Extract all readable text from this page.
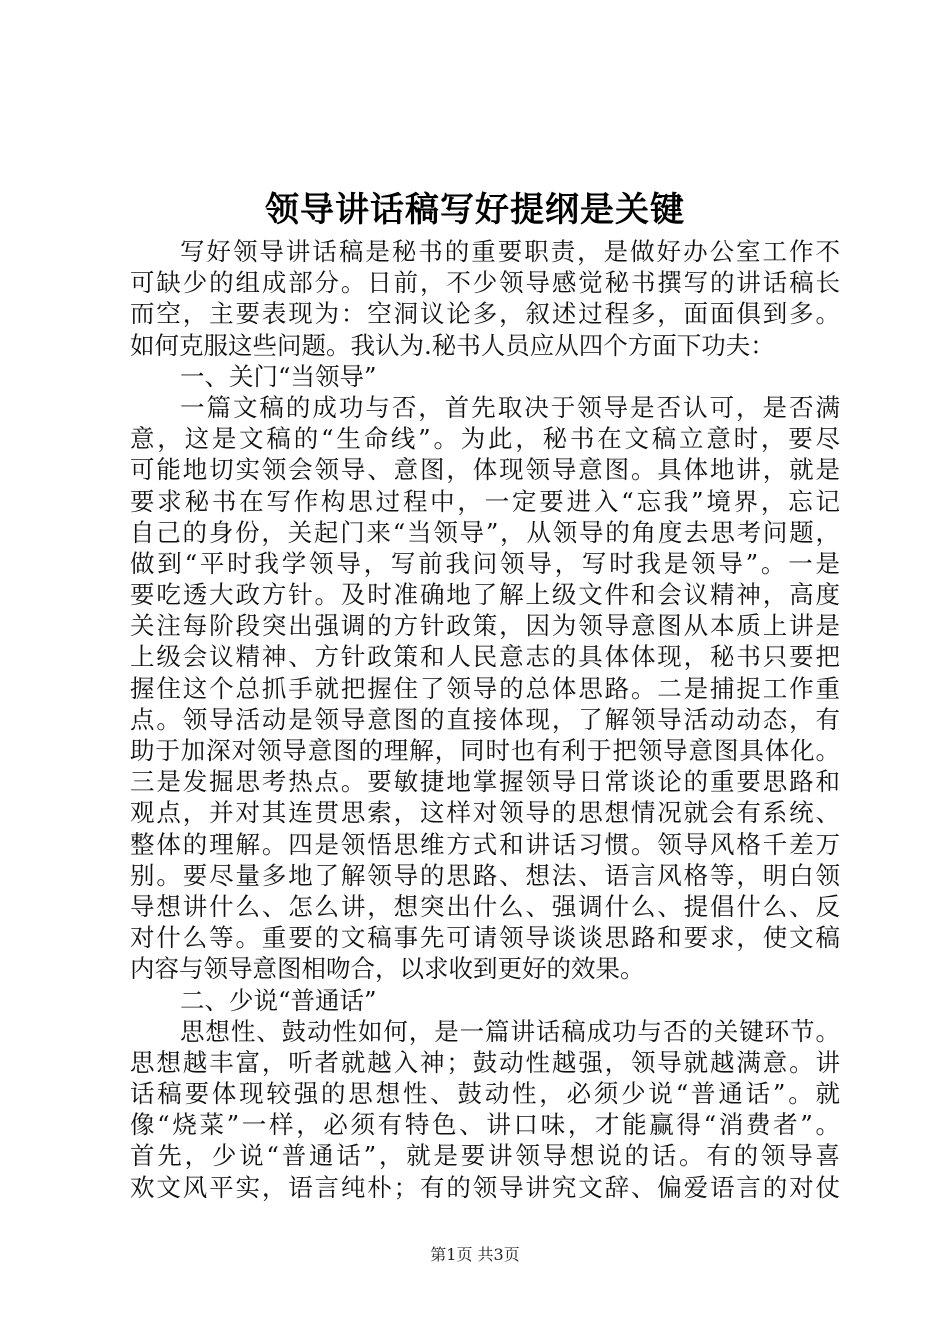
领导讲话稿写好提纲是关键
写好领导讲话稿是秘书的重要职责，是做好办公室工作不
可缺少的组成部分。日前，不少领导感觉秘书撰写的讲话稿长
而空，主要表现为：空洞议论多，叙述过程多，面面俱到多。
如何克服这些问题。我认为.秘书人员应从四个方面下功夫：
一、关门“当领导”
一篇文稿的成功与否，首先取决于领导是否认可，是否满
意，这是文稿的“生命线”。为此，秘书在文稿立意时，要尽
可能地切实领会领导、意图，体现领导意图。具体地讲，就是
要求秘书在写作构思过程中，一定要进入“忘我”境界，忘记
自己的身份，关起门来“当领导”，从领导的角度去思考问题，
做到“平时我学领导，写前我问领导，写时我是领导”。一是
要吃透大政方针。及时准确地了解上级文件和会议精神，高度
关注每阶段突出强调的方针政策，因为领导意图从本质上讲是
上级会议精神、方针政策和人民意志的具体体现，秘书只要把
握住这个总抓手就把握住了领导的总体思路。二是捕捉工作重
点。领导活动是领导意图的直接体现，了解领导活动动态，有
助于加深对领导意图的理解，同时也有利于把领导意图具体化。
三是发掘思考热点。要敏捷地掌握领导日常谈论的重要思路和
观点，并对其连贯思索，这样对领导的思想情况就会有系统、
整体的理解。四是领悟思维方式和讲话习惯。领导风格千差万
别。要尽量多地了解领导的思路、想法、语言风格等，明白领
导想讲什么、怎么讲，想突出什么、强调什么、提倡什么、反
对什么等。重要的文稿事先可请领导谈谈思路和要求，使文稿
内容与领导意图相吻合，以求收到更好的效果。
二、少说“普通话”
思想性、鼓动性如何，是一篇讲话稿成功与否的关键环节。
思想越丰富，听者就越入神；鼓动性越强，领导就越满意。讲
话稿要体现较强的思想性、鼓动性，必须少说“普通话”。就
像“烧菜”一样，必须有特色、讲口味，才能赢得“消费者”。
首先，少说“普通话”，就是要讲领导想说的话。有的领导喜
欢文风平实，语言纯朴；有的领导讲究文辞、偏爱语言的对仗
第1页 共3页
